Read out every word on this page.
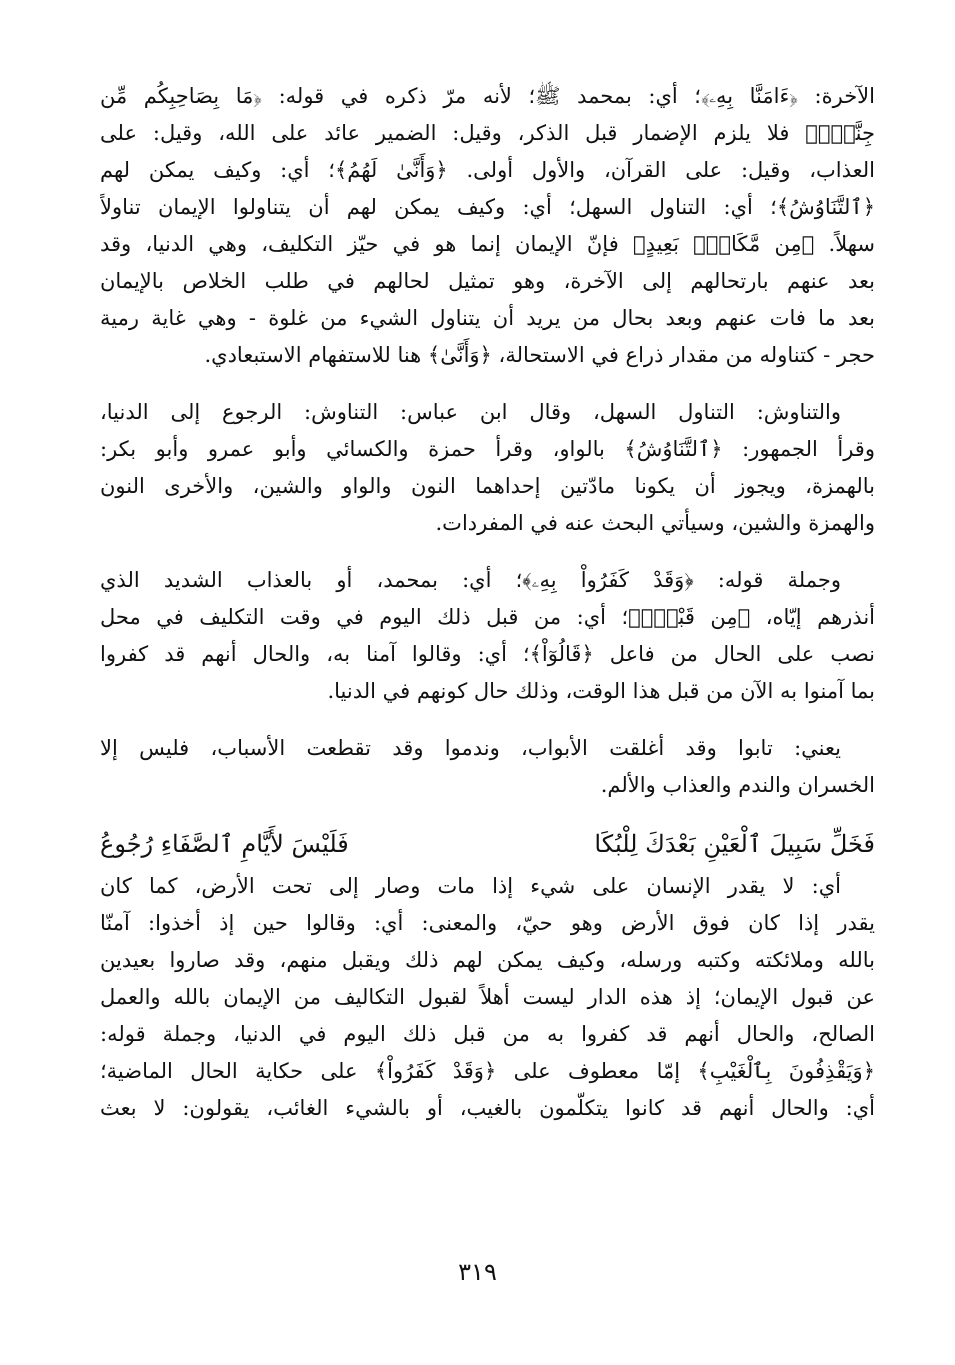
الآخرة: ﴿ءَامَنَّا بِهِۦ﴾؛ أي: بمحمد ﷺ؛ لأنه مرّ ذكره في قوله: ﴿مَا بِصَاحِبِكُم مِّن
جِنَّةٍۚ﴾ فلا يلزم الإضمار قبل الذكر، وقيل: الضمير عائد على الله، وقيل: على
العذاب، وقيل: على القرآن، والأول أولى. ﴿وَأَنَّىٰ لَهُمُ﴾؛ أي: وكيف يمكن لهم
﴿ٱلتَّنَاوُشُ﴾؛ أي: التناول السهل؛ أي: وكيف يمكن لهم أن يتناولوا الإيمان تناولاً
سهلاً. ﴿مِن مَّكَانِۭ بَعِيدٍ﴾ فإنّ الإيمان إنما هو في حيّز التكليف، وهي الدنيا، وقد
بعد عنهم بارتحالهم إلى الآخرة، وهو تمثيل لحالهم في طلب الخلاص بالإيمان
بعد ما فات عنهم وبعد بحال من يريد أن يتناول الشيء من غلوة - وهي غاية رمية
حجر - كتناوله من مقدار ذراع في الاستحالة، ﴿وَأَنَّىٰ﴾ هنا للاستفهام الاستبعادي.
والتناوش: التناول السهل، وقال ابن عباس: التناوش: الرجوع إلى الدنيا،
وقرأ الجمهور: ﴿ٱلتَّنَاوُشُ﴾ بالواو، وقرأ حمزة والكسائي وأبو عمرو وأبو بكر:
بالهمزة، ويجوز أن يكونا مادّتين إحداهما النون والواو والشين، والأخرى النون
والهمزة والشين، وسيأتي البحث عنه في المفردات.
وجملة قوله: ﴿وَقَدْ كَفَرُواْ بِهِۦ﴾؛ أي: بمحمد، أو بالعذاب الشديد الذي
أنذرهم إيّاه، ﴿مِن قَبْلُۖ﴾؛ أي: من قبل ذلك اليوم في وقت التكليف في محل
نصب على الحال من فاعل ﴿قَالُوٓاْ﴾؛ أي: وقالوا آمنا به، والحال أنهم قد كفروا
بما آمنوا به الآن من قبل هذا الوقت، وذلك حال كونهم في الدنيا.
يعني: تابوا وقد أغلقت الأبواب، وندموا وقد تقطعت الأسباب، فليس إلا
الخسران والندم والعذاب والألم.
فَخَلِّ سَبِيلَ ٱلْعَيْنِ بَعْدَكَ لِلْبُكَا
فَلَيْسَ لأَيَّامِ ٱلصَّفَاءِ رُجُوعُ
أي: لا يقدر الإنسان على شيء إذا مات وصار إلى تحت الأرض، كما كان
يقدر إذا كان فوق الأرض وهو حيّ، والمعنى: أي: وقالوا حين إذ أخذوا: آمنّا
بالله وملائكته وكتبه ورسله، وكيف يمكن لهم ذلك ويقبل منهم، وقد صاروا بعيدين
عن قبول الإيمان؛ إذ هذه الدار ليست أهلاً لقبول التكاليف من الإيمان بالله والعمل
الصالح، والحال أنهم قد كفروا به من قبل ذلك اليوم في الدنيا، وجملة قوله:
﴿وَيَقْذِفُونَ بِٱلْغَيْبِ﴾ إمّا معطوف على ﴿وَقَدْ كَفَرُواْ﴾ على حكاية الحال الماضية؛
أي: والحال أنهم قد كانوا يتكلّمون بالغيب، أو بالشيء الغائب، يقولون: لا بعث
٣١٩
